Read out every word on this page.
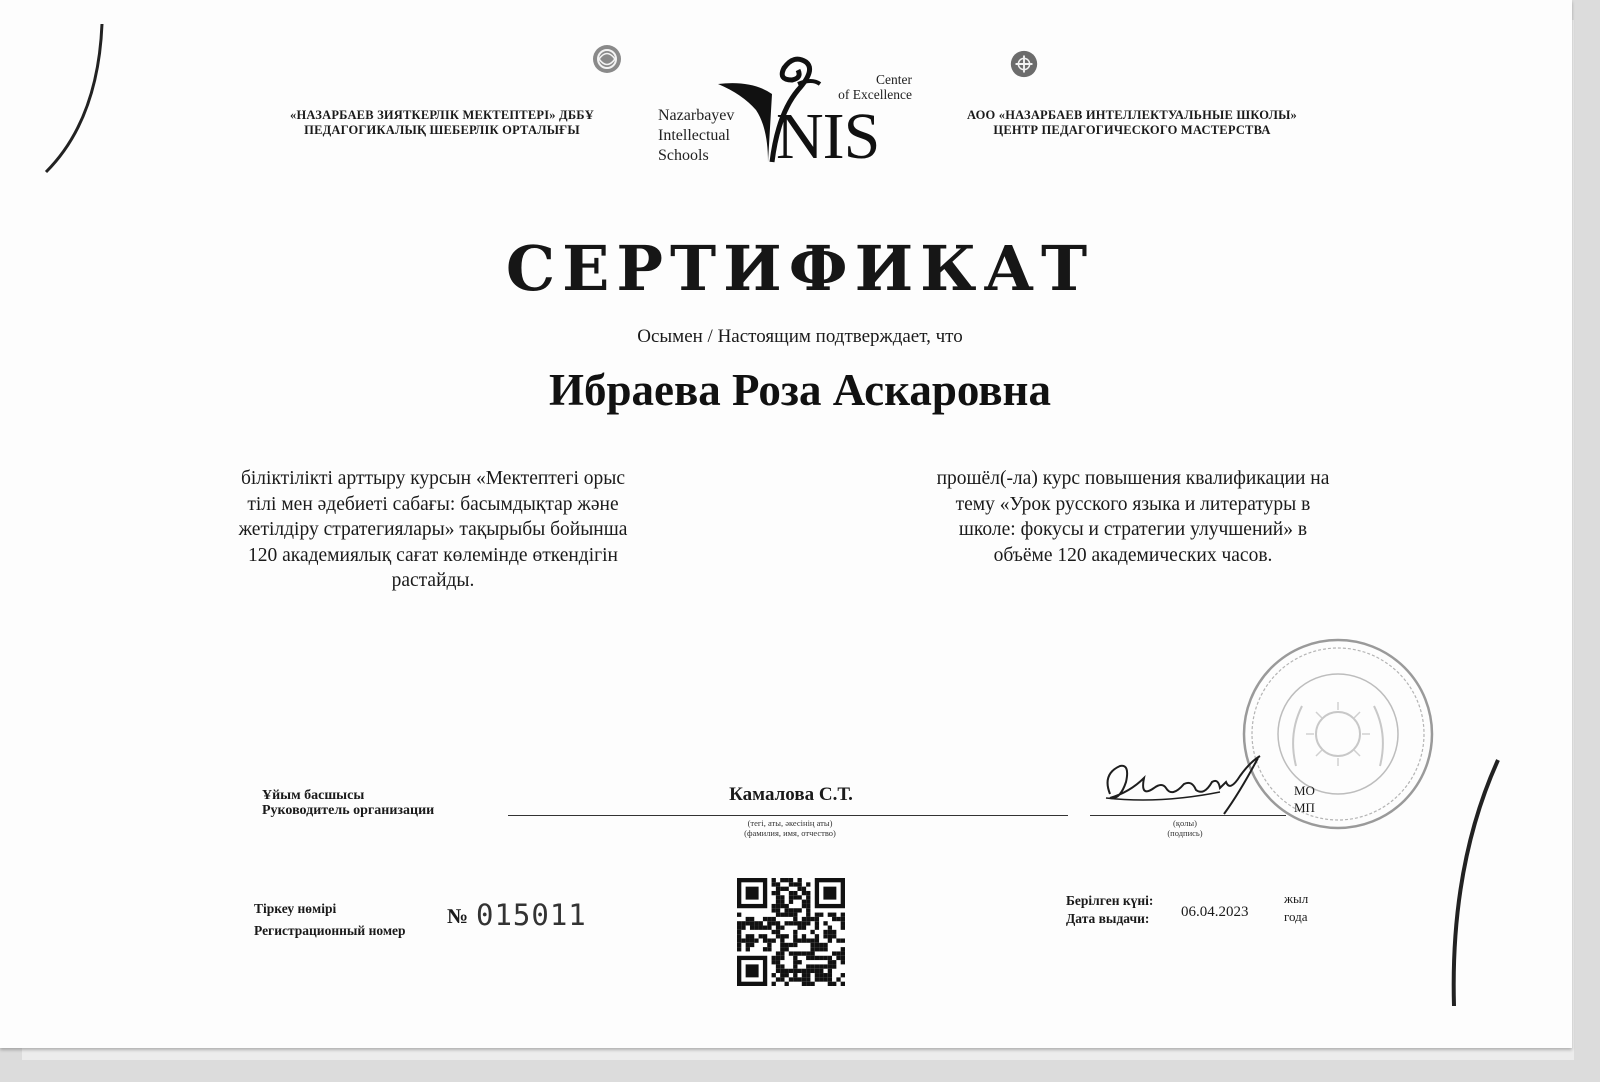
«НАЗАРБАЕВ ЗИЯТКЕРЛІК МЕКТЕПТЕРІ» ДББҰ
ПЕДАГОГИКАЛЫҚ ШЕБЕРЛІК ОРТАЛЫҒЫ
АОО «НАЗАРБАЕВ ИНТЕЛЛЕКТУАЛЬНЫЕ ШКОЛЫ»
ЦЕНТР ПЕДАГОГИЧЕСКОГО МАСТЕРСТВА
Nazarbayev
Intellectual
Schools
Center
of Excellence
NIS
СЕРТИФИКАТ
Осымен / Настоящим подтверждает, что
Ибраева Роза Аскаровна
біліктілікті арттыру курсын «Мектептегі орыс
тілі мен әдебиеті сабағы: басымдықтар және
жетілдіру стратегиялары» тақырыбы бойынша
120 академиялық сағат көлемінде өткендігін
растайды.
прошёл(-ла) курс повышения квалификации на
тему «Урок русского языка и литературы в
школе: фокусы и стратегии улучшений» в
объёме 120 академических часов.
Ұйым басшысы
Руководитель организации
Камалова С.Т.
(тегі, аты, әкесінің аты)
(фамилия, имя, отчество)
(қолы)
(подпись)
МО
МП
Тіркеу нөмірі
Регистрационный номер
№ 015011	Берілген күні:
Дата выдачи: 06.04.2023
жыл
года
